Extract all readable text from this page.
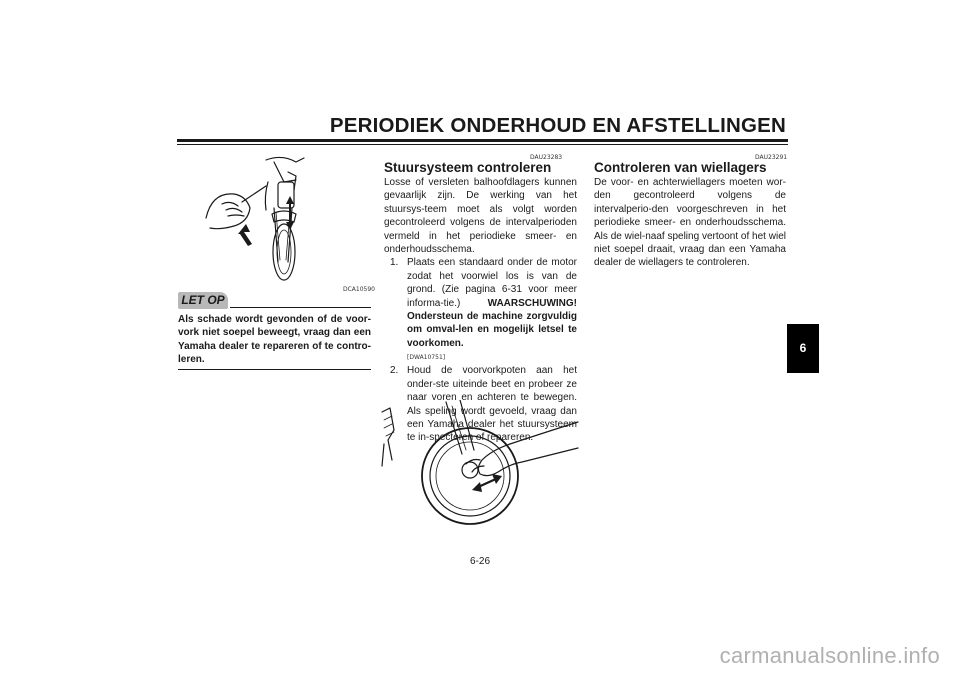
PERIODIEK ONDERHOUD EN AFSTELLINGEN
DCA10590
LET OP
Als schade wordt gevonden of de voor-vork niet soepel beweegt, vraag dan een Yamaha dealer te repareren of te contro-leren.
DAU23283
Stuursysteem controleren
Losse of versleten balhoofdlagers kunnen gevaarlijk zijn. De werking van het stuursys-teem moet als volgt worden gecontroleerd volgens de intervalperioden vermeld in het periodieke smeer- en onderhoudsschema.
1. Plaats een standaard onder de motor zodat het voorwiel los is van de grond. (Zie pagina 6-31 voor meer informa-tie.) WAARSCHUWING! Ondersteun de machine zorgvuldig om omval-len en mogelijk letsel te voorkomen.
[DWA10751]
2. Houd de voorvorkpoten aan het onder-ste uiteinde beet en probeer ze naar voren en achteren te bewegen. Als speling wordt gevoeld, vraag dan een Yamaha dealer het stuursysteem te in-specteren of repareren.
DAU23291
Controleren van wiellagers
De voor- en achterwiellagers moeten wor-den gecontroleerd volgens de intervalperio-den voorgeschreven in het periodieke smeer- en onderhoudsschema. Als de wiel-naaf speling vertoont of het wiel niet soepel draait, vraag dan een Yamaha dealer de wiellagers te controleren.
6
6-26
carmanualsonline.info
